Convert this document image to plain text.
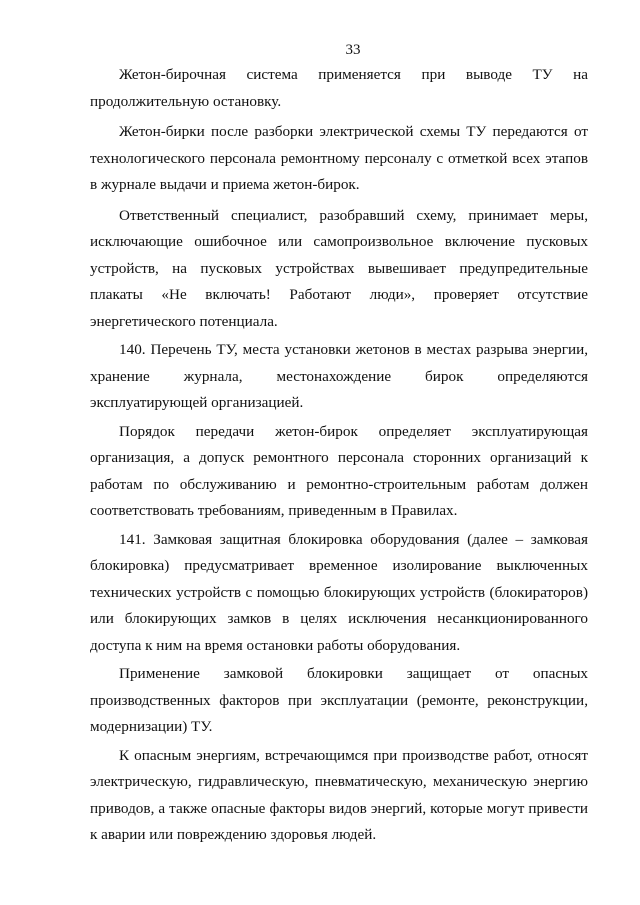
33

Жетон-бирочная система применяется при выводе ТУ на продолжительную остановку.

Жетон-бирки после разборки электрической схемы ТУ передаются от технологического персонала ремонтному персоналу с отметкой всех этапов в журнале выдачи и приема жетон-бирок.

Ответственный специалист, разобравший схему, принимает меры, исключающие ошибочное или самопроизвольное включение пусковых устройств, на пусковых устройствах вывешивает предупредительные плакаты «Не включать! Работают люди», проверяет отсутствие энергетического потенциала.

140. Перечень ТУ, места установки жетонов в местах разрыва энергии, хранение журнала, местонахождение бирок определяются эксплуатирующей организацией.

Порядок передачи жетон-бирок определяет эксплуатирующая организация, а допуск ремонтного персонала сторонних организаций к работам по обслуживанию и ремонтно-строительным работам должен соответствовать требованиям, приведенным в Правилах.

141. Замковая защитная блокировка оборудования (далее – замковая блокировка) предусматривает временное изолирование выключенных технических устройств с помощью блокирующих устройств (блокираторов) или блокирующих замков в целях исключения несанкционированного доступа к ним на время остановки работы оборудования.

Применение замковой блокировки защищает от опасных производственных факторов при эксплуатации (ремонте, реконструкции, модернизации) ТУ.

К опасным энергиям, встречающимся при производстве работ, относят электрическую, гидравлическую, пневматическую, механическую энергию приводов, а также опасные факторы видов энергий, которые могут привести к аварии или повреждению здоровья людей.
